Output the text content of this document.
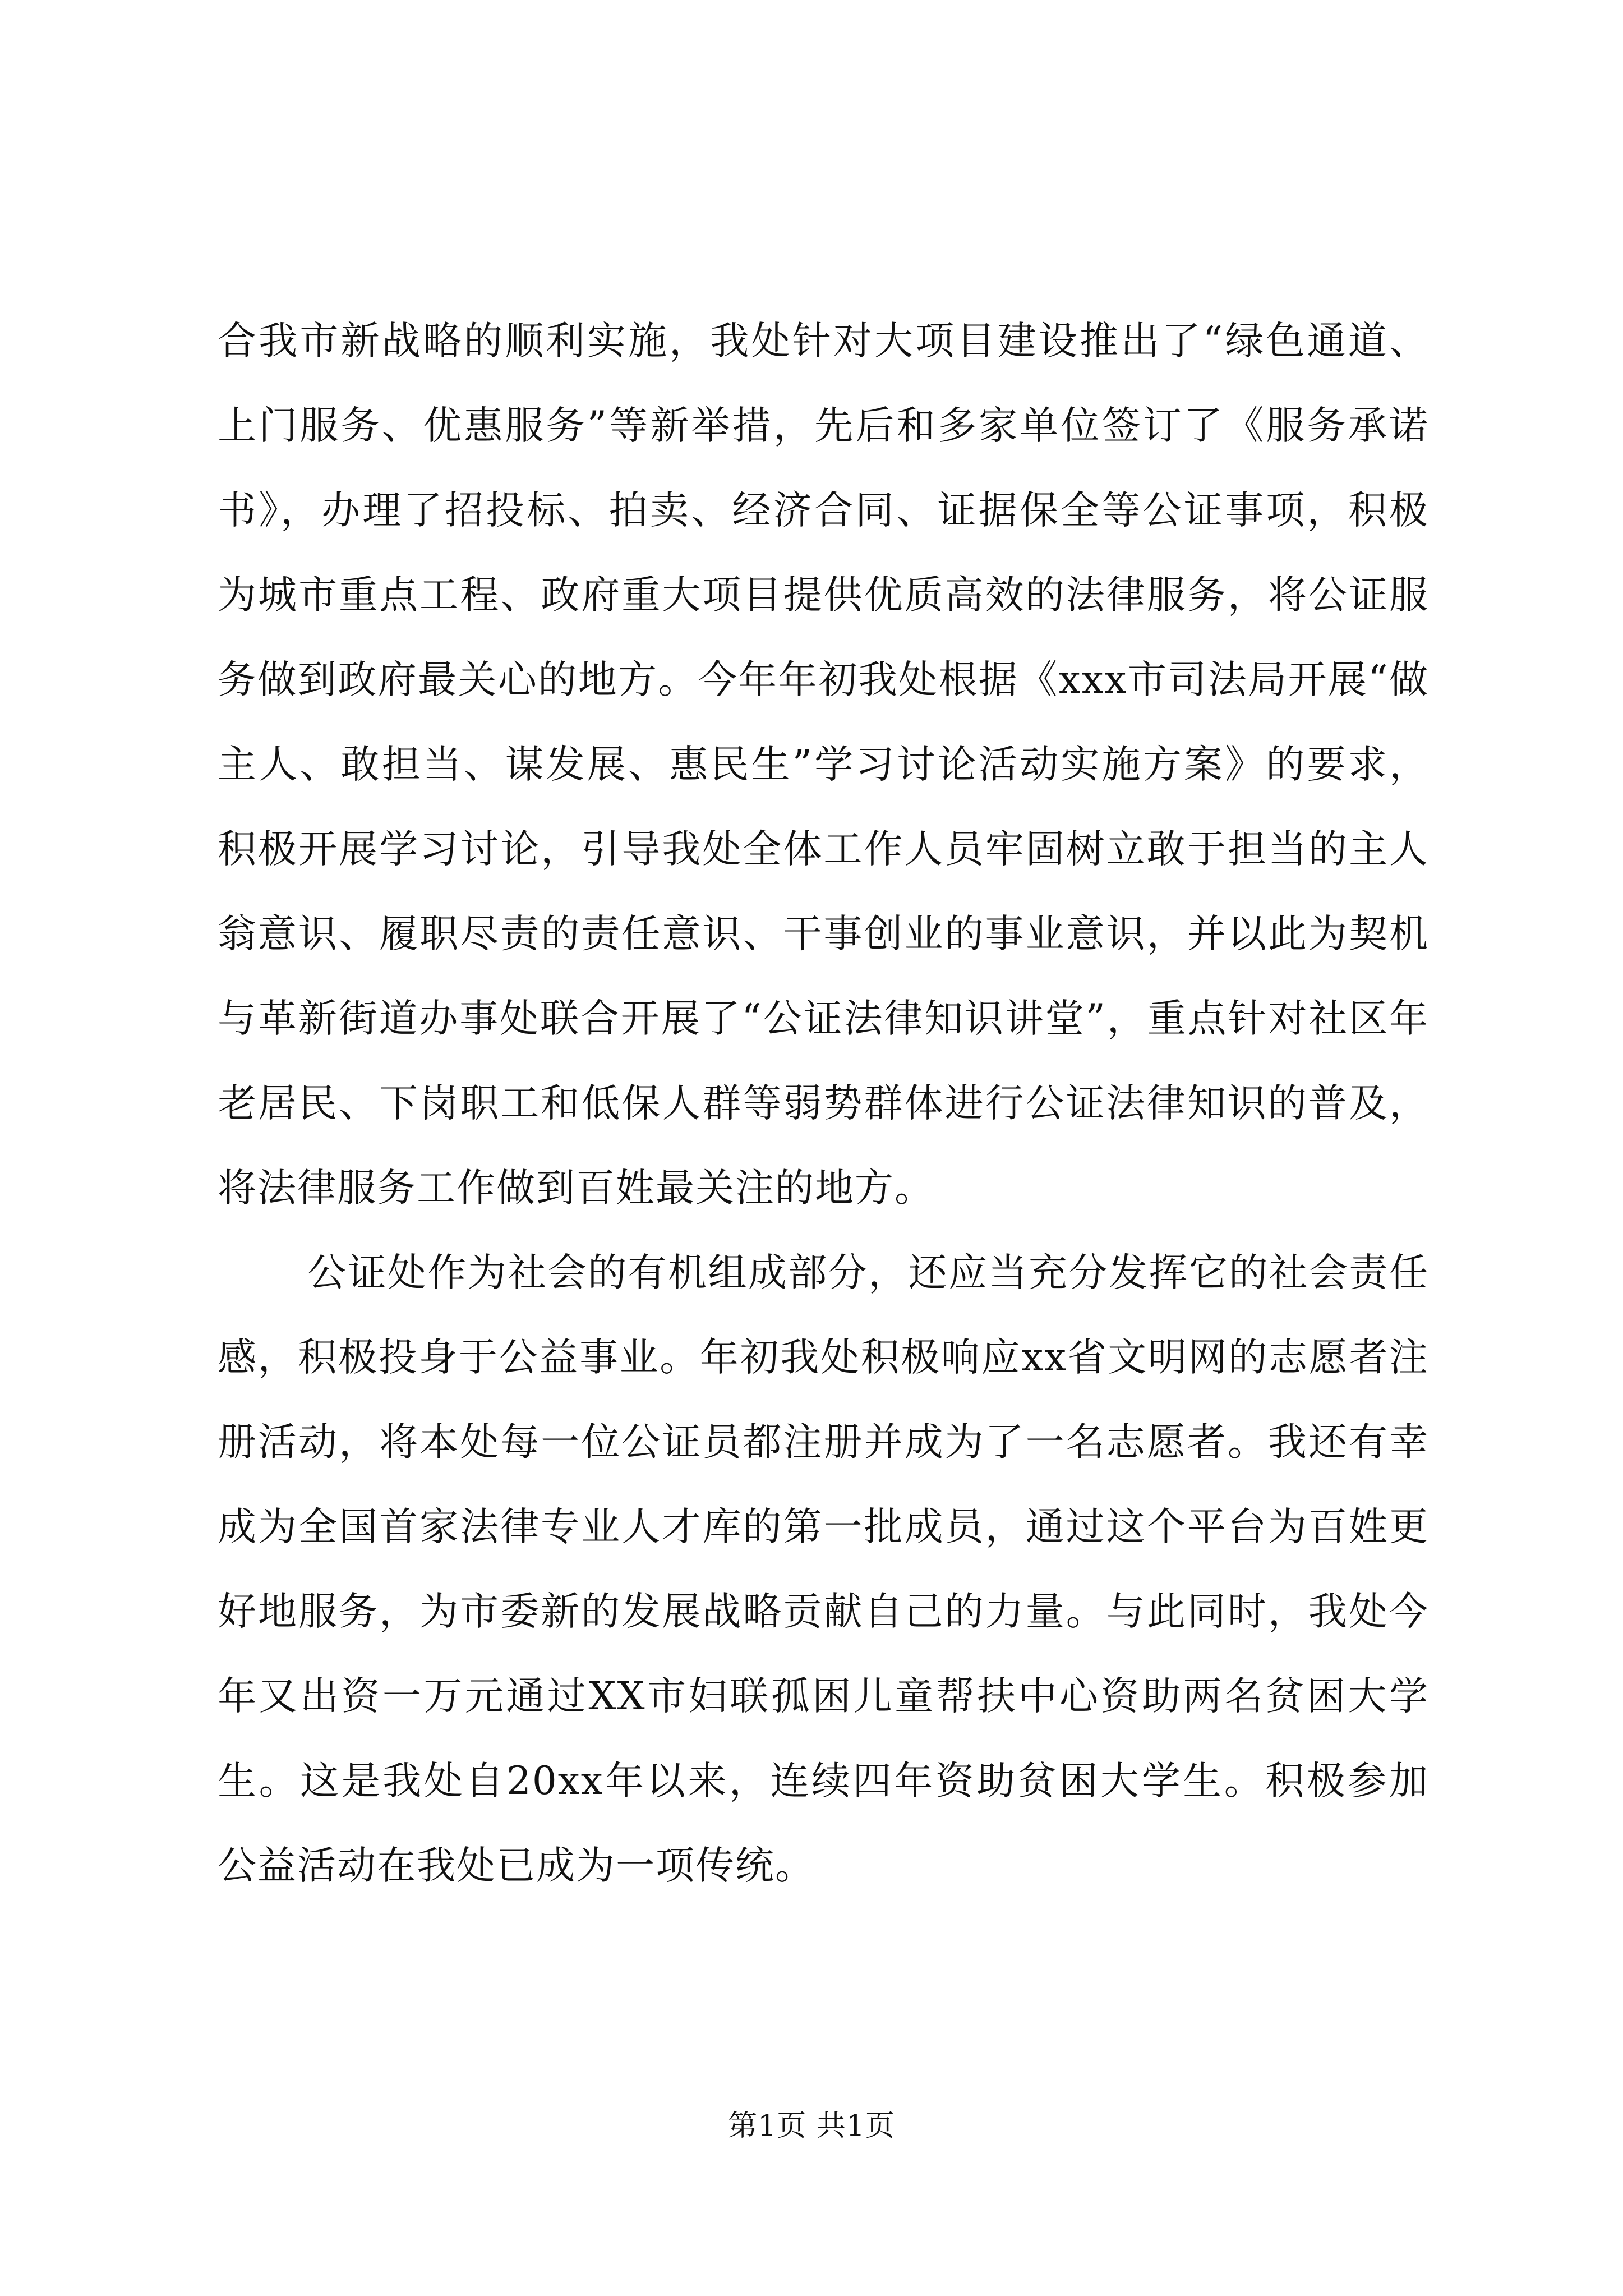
合我市新战略的顺利实施，我处针对大项目建设推出了“绿色通道、上门服务、优惠服务”等新举措，先后和多家单位签订了《服务承诺书》，办理了招投标、拍卖、经济合同、证据保全等公证事项，积极为城市重点工程、政府重大项目提供优质高效的法律服务，将公证服务做到政府最关心的地方。今年年初我处根据《xxx市司法局开展“做主人、敢担当、谋发展、惠民生”学习讨论活动实施方案》的要求，积极开展学习讨论，引导我处全体工作人员牢固树立敢于担当的主人翁意识、履职尽责的责任意识、干事创业的事业意识，并以此为契机与革新街道办事处联合开展了“公证法律知识讲堂”，重点针对社区年老居民、下岗职工和低保人群等弱势群体进行公证法律知识的普及，将法律服务工作做到百姓最关注的地方。

公证处作为社会的有机组成部分，还应当充分发挥它的社会责任感，积极投身于公益事业。年初我处积极响应xx省文明网的志愿者注册活动，将本处每一位公证员都注册并成为了一名志愿者。我还有幸成为全国首家法律专业人才库的第一批成员，通过这个平台为百姓更好地服务，为市委新的发展战略贡献自己的力量。与此同时，我处今年又出资一万元通过XX市妇联孤困儿童帮扶中心资助两名贫困大学生。这是我处自20xx年以来，连续四年资助贫困大学生。积极参加公益活动在我处已成为一项传统。

第1页 共1页
